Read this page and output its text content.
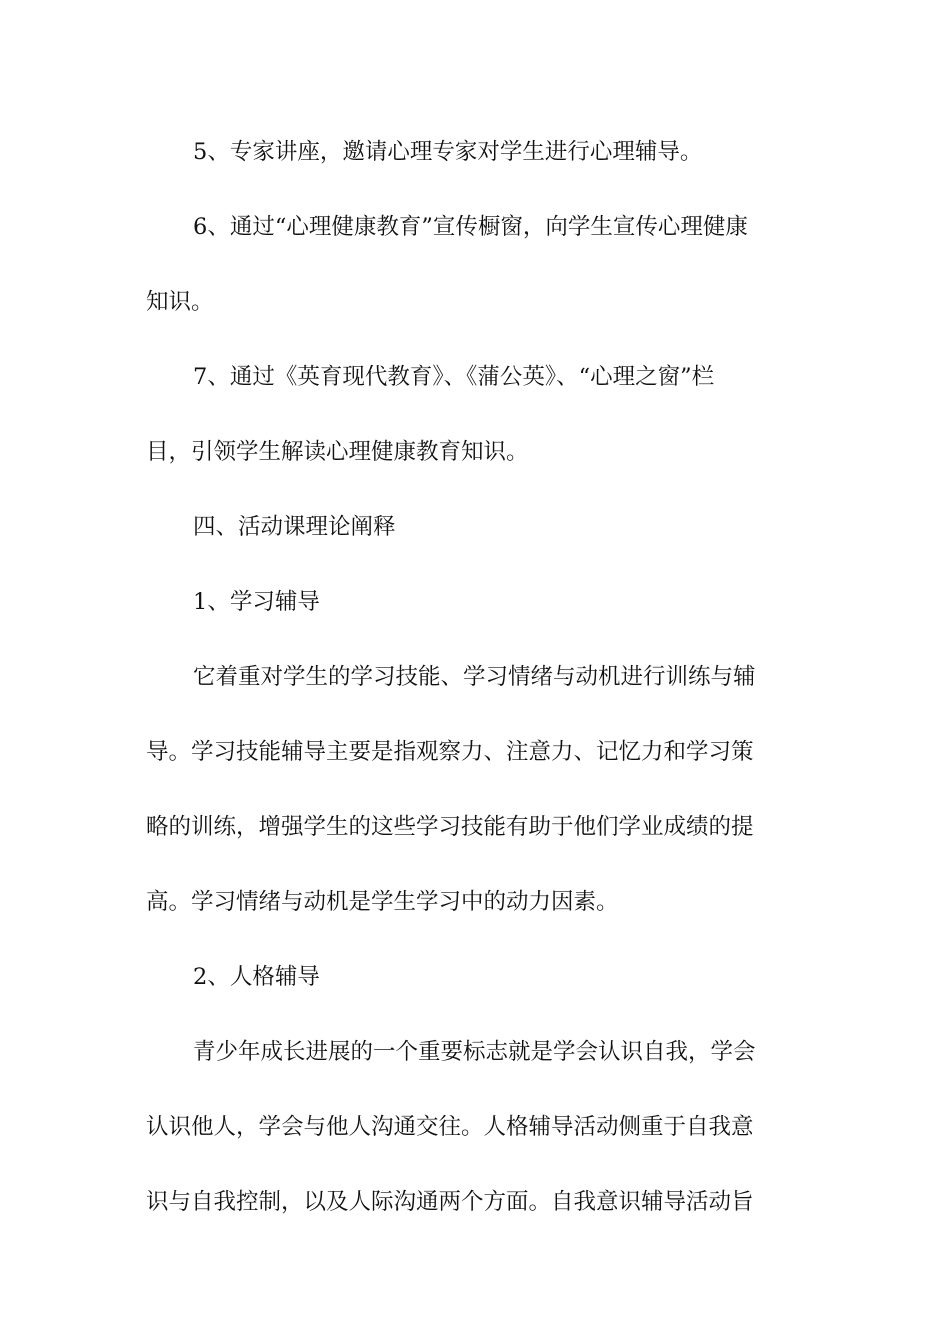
5、专家讲座，邀请心理专家对学生进行心理辅导。
6、通过“心理健康教育”宣传橱窗，向学生宣传心理健康
知识。
7、通过《英育现代教育》、《蒲公英》、“心理之窗”栏
目，引领学生解读心理健康教育知识。
四、活动课理论阐释
1、学习辅导
它着重对学生的学习技能、学习情绪与动机进行训练与辅
导。学习技能辅导主要是指观察力、注意力、记忆力和学习策
略的训练，增强学生的这些学习技能有助于他们学业成绩的提
高。学习情绪与动机是学生学习中的动力因素。
2、人格辅导
青少年成长进展的一个重要标志就是学会认识自我，学会
认识他人，学会与他人沟通交往。人格辅导活动侧重于自我意
识与自我控制，以及人际沟通两个方面。自我意识辅导活动旨
